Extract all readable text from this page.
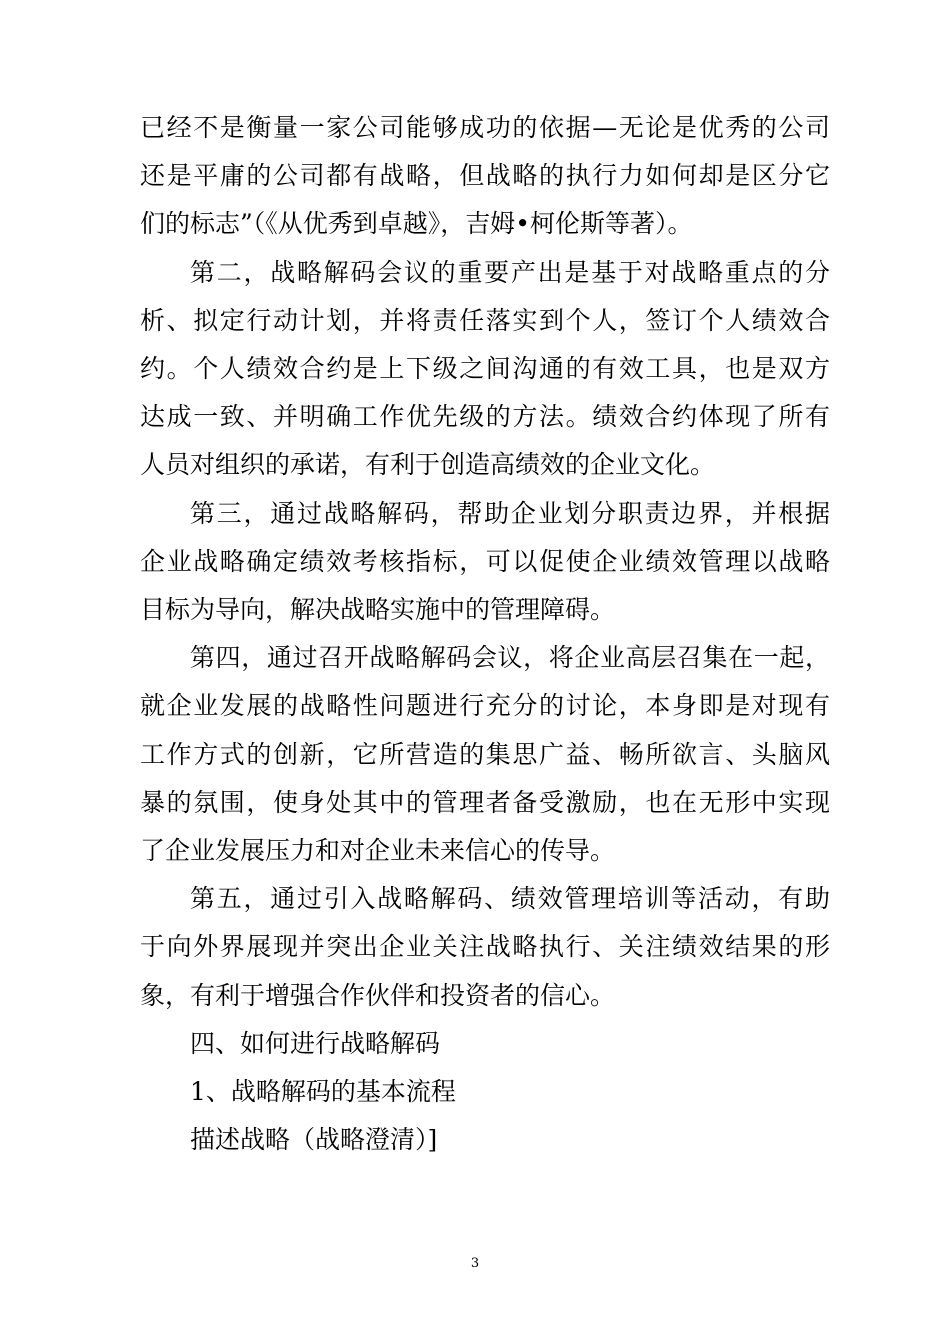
已经不是衡量一家公司能够成功的依据—无论是优秀的公司
还是平庸的公司都有战略，但战略的执行力如何却是区分它
们的标志”（《从优秀到卓越》，吉姆•柯伦斯等著）。
第二，战略解码会议的重要产出是基于对战略重点的分
析、拟定行动计划，并将责任落实到个人，签订个人绩效合
约。个人绩效合约是上下级之间沟通的有效工具，也是双方
达成一致、并明确工作优先级的方法。绩效合约体现了所有
人员对组织的承诺，有利于创造高绩效的企业文化。
第三，通过战略解码，帮助企业划分职责边界，并根据
企业战略确定绩效考核指标，可以促使企业绩效管理以战略
目标为导向，解决战略实施中的管理障碍。
第四，通过召开战略解码会议，将企业高层召集在一起，
就企业发展的战略性问题进行充分的讨论，本身即是对现有
工作方式的创新，它所营造的集思广益、畅所欲言、头脑风
暴的氛围，使身处其中的管理者备受激励，也在无形中实现
了企业发展压力和对企业未来信心的传导。
第五，通过引入战略解码、绩效管理培训等活动，有助
于向外界展现并突出企业关注战略执行、关注绩效结果的形
象，有利于增强合作伙伴和投资者的信心。
四、如何进行战略解码
1、战略解码的基本流程
描述战略（战略澄清）]
3
